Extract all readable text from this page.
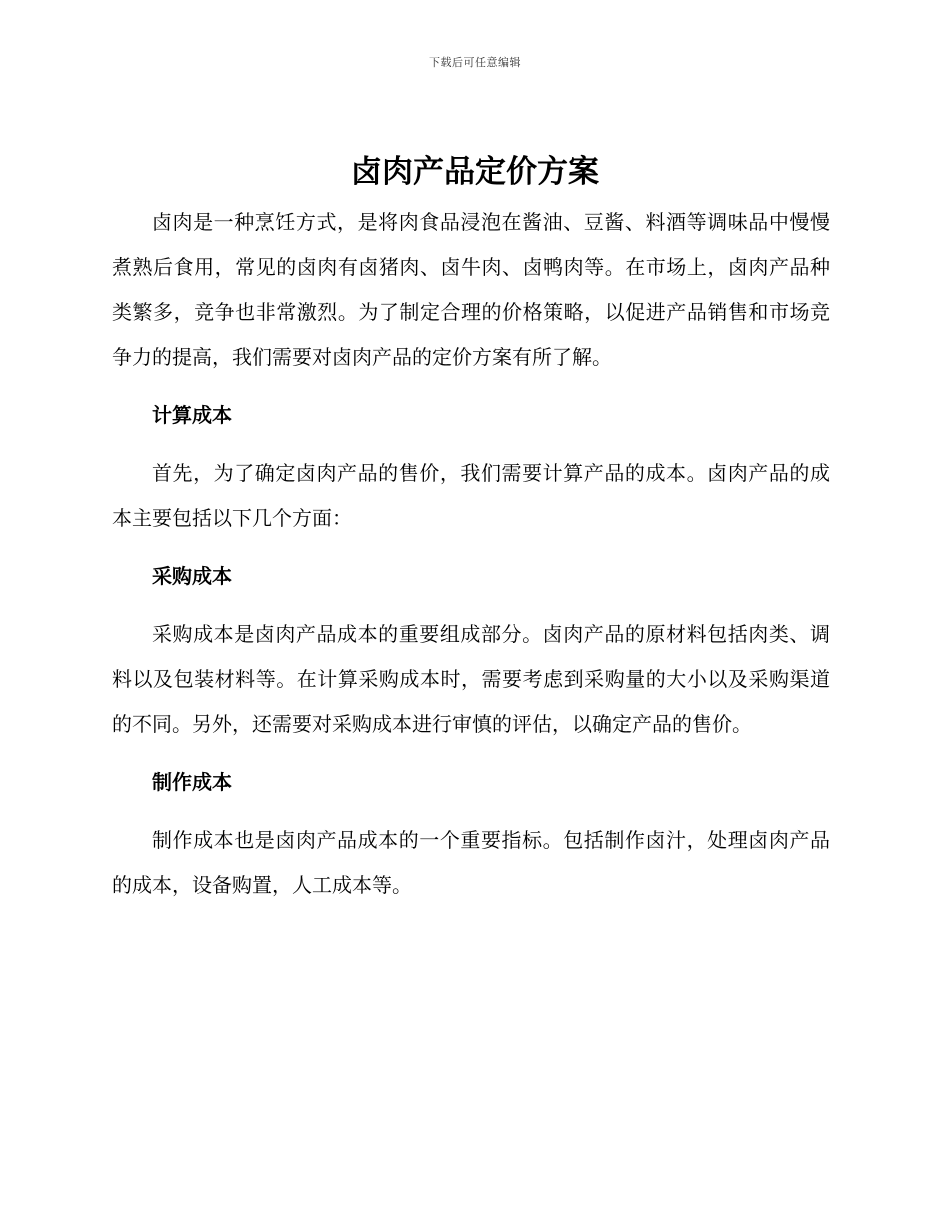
下载后可任意编辑
卤肉产品定价方案

卤肉是一种烹饪方式，是将肉食品浸泡在酱油、豆酱、料酒等调味品中慢慢煮熟后食用，常见的卤肉有卤猪肉、卤牛肉、卤鸭肉等。在市场上，卤肉产品种类繁多，竞争也非常激烈。为了制定合理的价格策略，以促进产品销售和市场竞争力的提高，我们需要对卤肉产品的定价方案有所了解。

计算成本

首先，为了确定卤肉产品的售价，我们需要计算产品的成本。卤肉产品的成本主要包括以下几个方面：

采购成本

采购成本是卤肉产品成本的重要组成部分。卤肉产品的原材料包括肉类、调料以及包装材料等。在计算采购成本时，需要考虑到采购量的大小以及采购渠道的不同。另外，还需要对采购成本进行审慎的评估，以确定产品的售价。

制作成本

制作成本也是卤肉产品成本的一个重要指标。包括制作卤汁，处理卤肉产品的成本，设备购置，人工成本等。
